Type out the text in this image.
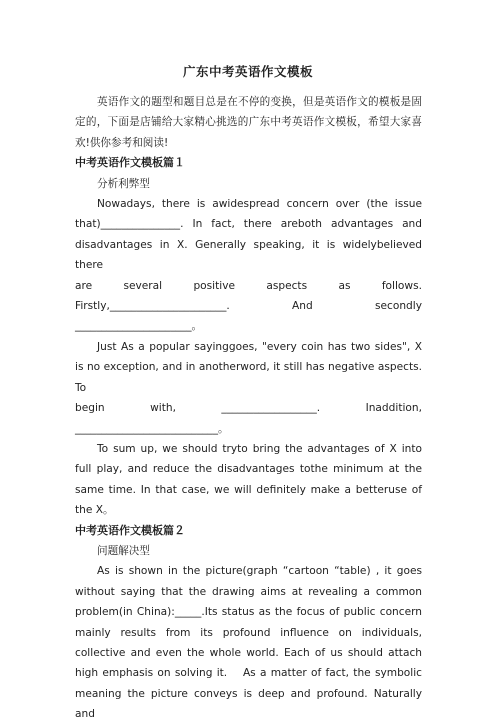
广东中考英语作文模板

英语作文的题型和题目总是在不停的变换，但是英语作文的模板是固定的，下面是店铺给大家精心挑选的广东中考英语作文模板，希望大家喜欢!供你参考和阅读!

中考英语作文模板篇１

分析利弊型

Nowadays, there is awidespread concern over (the issue that)_______________. In fact, there areboth advantages and disadvantages in X. Generally speaking, it is widelybelieved there
are	several	positive	aspects	as	follows.
Firstly,______________________.	And	secondly
______________________。
Just As a popular sayinggoes, "every coin has two sides", X is no exception, and in anotherword, it still has negative aspects. To
begin	with,	__________________.	Inaddition,
___________________________。

To sum up, we should tryto bring the advantages of X into full play, and reduce the disadvantages tothe minimum at the same time. In that case, we will definitely make a betteruse of the X。

中考英语作文模板篇２

问题解决型

As is shown in the picture(graph “cartoon “table) , it goes without saying that the drawing aims at revealing a common problem(in China):_____.Its status as the focus of public concern mainly results from its profound influence on individuals, collective and even the whole world. Each of us should attach high emphasis on solving it. 　As a matter of fact, the symbolic meaning the picture conveys is deep and profound. Naturally and
